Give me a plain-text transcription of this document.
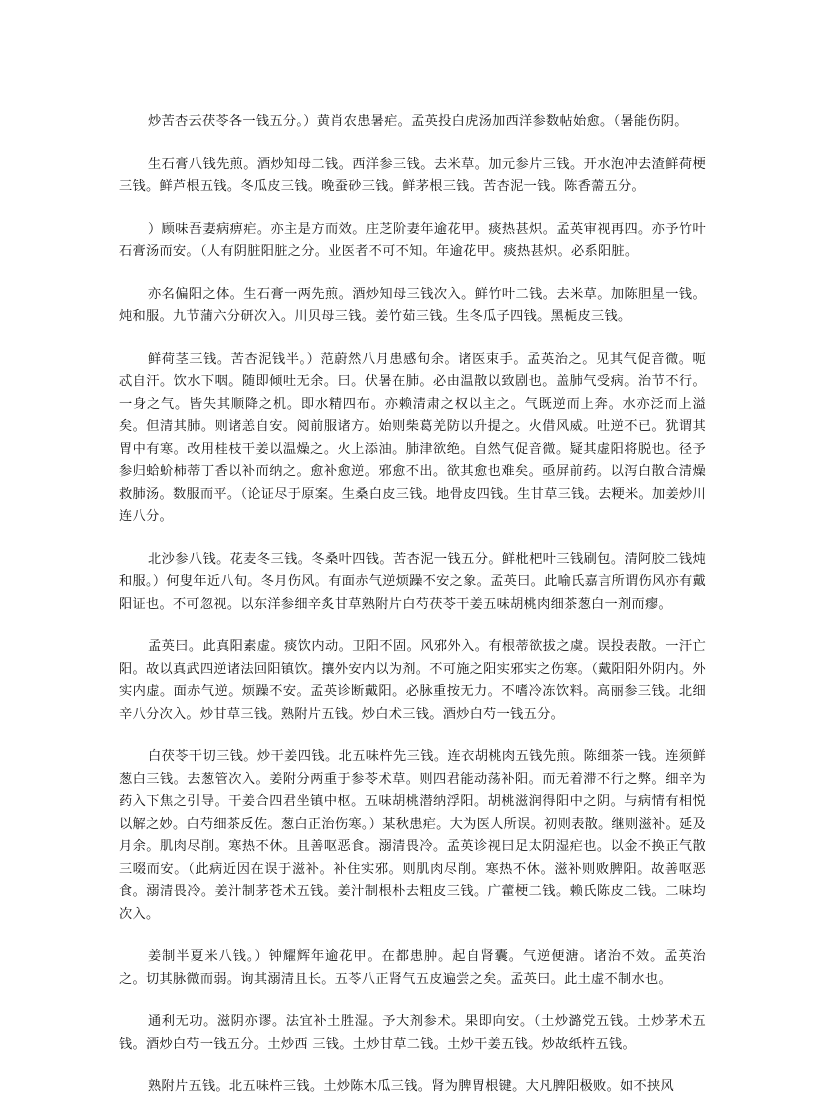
炒苦杏云茯苓各一钱五分。）黄肖农患暑疟。孟英投白虎汤加西洋参数帖始愈。（暑能伤阴。

生石膏八钱先煎。酒炒知母二钱。西洋参三钱。去米草。加元参片三钱。开水泡冲去渣鲜荷梗三钱。鲜芦根五钱。冬瓜皮三钱。晚蚕砂三钱。鲜茅根三钱。苦杏泥一钱。陈香薷五分。

）顾味吾妻病痹疟。亦主是方而效。庄芝阶妻年逾花甲。痰热甚炽。孟英审视再四。亦予竹叶石膏汤而安。（人有阴脏阳脏之分。业医者不可不知。年逾花甲。痰热甚炽。必系阳脏。

亦名偏阳之体。生石膏一两先煎。酒炒知母三钱次入。鲜竹叶二钱。去米草。加陈胆星一钱。炖和服。九节蒲六分研次入。川贝母三钱。姜竹茹三钱。生冬瓜子四钱。黑栀皮三钱。

鲜荷茎三钱。苦杏泥钱半。）范蔚然八月患感旬余。诸医束手。孟英治之。见其气促音微。呃忒自汗。饮水下咽。随即倾吐无余。曰。伏暑在肺。必由温散以致剧也。盖肺气受病。治节不行。一身之气。皆失其顺降之机。即水精四布。亦赖清肃之权以主之。气既逆而上奔。水亦泛而上溢矣。但清其肺。则诸恙自安。阅前服诸方。始则柴葛羌防以升提之。火借风威。吐逆不已。犹谓其胃中有寒。改用桂枝干姜以温燥之。火上添油。肺津欲绝。自然气促音微。疑其虚阳将脱也。径予参归蛤蚧柿蒂丁香以补而纳之。愈补愈逆。邪愈不出。欲其愈也难矣。亟屏前药。以泻白散合清燥救肺汤。数服而平。（论证尽于原案。生桑白皮三钱。地骨皮四钱。生甘草三钱。去粳米。加姜炒川连八分。

北沙参八钱。花麦冬三钱。冬桑叶四钱。苦杏泥一钱五分。鲜枇杷叶三钱刷包。清阿胶二钱炖和服。）何叟年近八旬。冬月伤风。有面赤气逆烦躁不安之象。孟英曰。此喻氏嘉言所谓伤风亦有戴阳证也。不可忽视。以东洋参细辛炙甘草熟附片白芍茯苓干姜五味胡桃肉细茶葱白一剂而瘳。

孟英曰。此真阳素虚。痰饮内动。卫阳不固。风邪外入。有根蒂欲拔之虞。误投表散。一汗亡阳。故以真武四逆诸法回阳镇饮。攘外安内以为剂。不可施之阳实邪实之伤寒。（戴阳阳外阴内。外实内虚。面赤气逆。烦躁不安。孟英诊断戴阳。必脉重按无力。不嗜冷冻饮料。高丽参三钱。北细辛八分次入。炒甘草三钱。熟附片五钱。炒白术三钱。酒炒白芍一钱五分。

白茯苓干切三钱。炒干姜四钱。北五味杵先三钱。连衣胡桃肉五钱先煎。陈细茶一钱。连须鲜葱白三钱。去葱管次入。姜附分两重于参苓术草。则四君能动荡补阳。而无着滞不行之弊。细辛为药入下焦之引导。干姜合四君坐镇中枢。五味胡桃潜纳浮阳。胡桃滋润得阳中之阴。与病情有相悦以解之妙。白芍细茶反佐。葱白正治伤寒。）某秋患疟。大为医人所误。初则表散。继则滋补。延及月余。肌肉尽削。寒热不休。且善呕恶食。溺清畏冷。孟英诊视曰足太阴湿疟也。以金不换正气散三啜而安。（此病近因在误于滋补。补住实邪。则肌肉尽削。寒热不休。滋补则败脾阳。故善呕恶食。溺清畏冷。姜汁制茅苍术五钱。姜汁制根朴去粗皮三钱。广藿梗二钱。赖氏陈皮二钱。二味均次入。

姜制半夏米八钱。）钟耀辉年逾花甲。在都患肿。起自肾囊。气逆便溏。诸治不效。孟英治之。切其脉微而弱。询其溺清且长。五苓八正肾气五皮遍尝之矣。孟英曰。此土虚不制水也。

通利无功。滋阴亦谬。法宜补土胜湿。予大剂参术。果即向安。（土炒潞党五钱。土炒茅术五钱。酒炒白芍一钱五分。土炒西 三钱。土炒甘草二钱。土炒干姜五钱。炒故纸杵五钱。

熟附片五钱。北五味杵三钱。土炒陈木瓜三钱。肾为脾胃根键。大凡脾阳极败。如不挟风
